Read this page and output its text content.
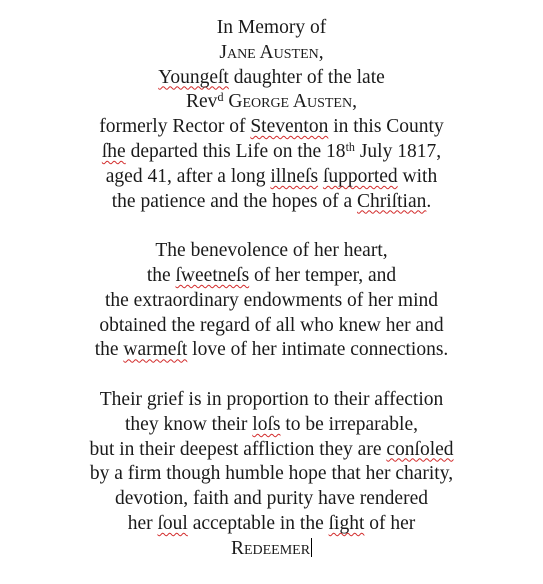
In Memory of
Jane Austen,
Youngeſt daughter of the late
Rev$^d$ George Austen,
formerly Rector of Steventon in this County
ſhe departed this Life on the 18th July 1817,
aged 41, after a long illneſs ſupported with
the patience and the hopes of a Chriſtian.
The benevolence of her heart,
the ſweetneſs of her temper, and
the extraordinary endowments of her mind
obtained the regard of all who knew her and
the warmeſt love of her intimate connections.
Their grief is in proportion to their affection
they know their loſs to be irreparable,
but in their deepest affliction they are conſoled
by a firm though humble hope that her charity,
devotion, faith and purity have rendered
her ſoul acceptable in the ſight of her
Redeemer
